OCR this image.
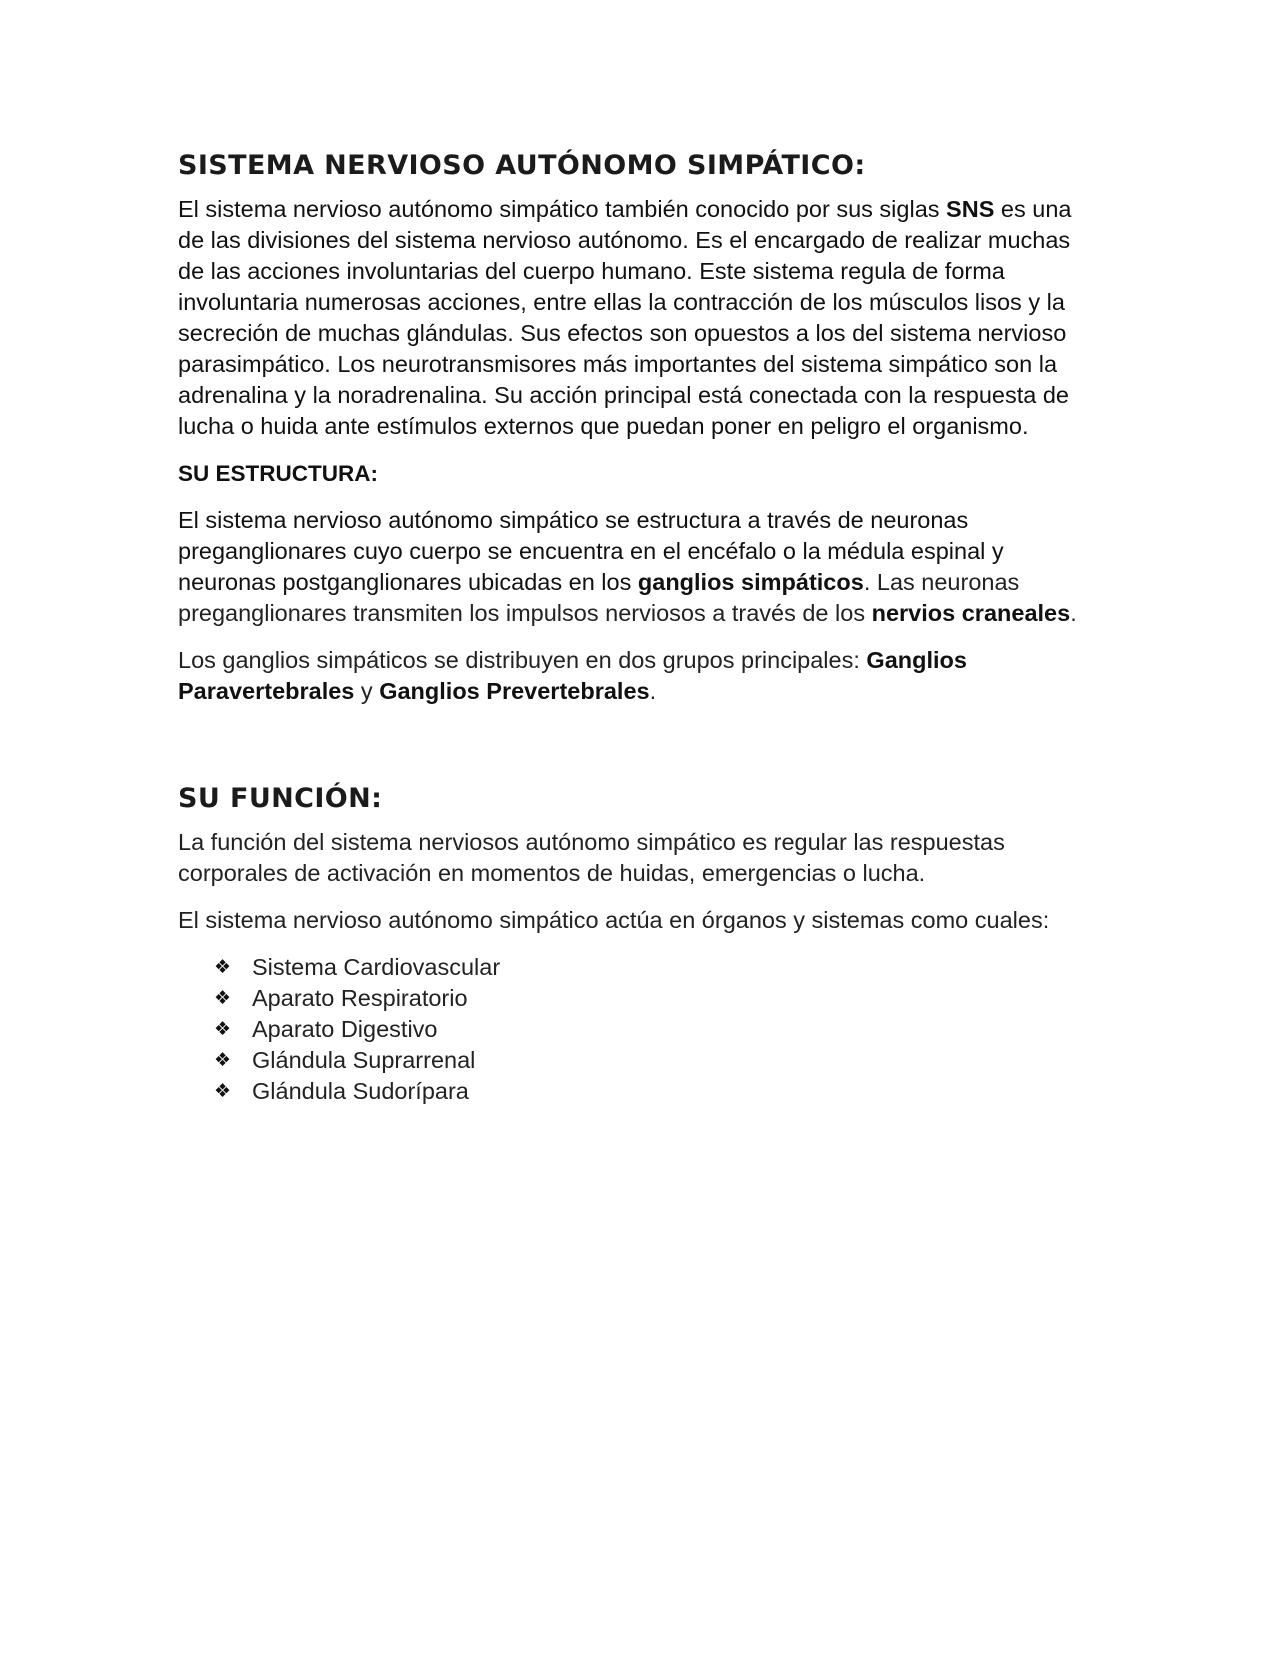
SISTEMA NERVIOSO AUTÓNOMO SIMPÁTICO:

El sistema nervioso autónomo simpático también conocido por sus siglas SNS es una de las divisiones del sistema nervioso autónomo. Es el encargado de realizar muchas de las acciones involuntarias del cuerpo humano. Este sistema regula de forma involuntaria numerosas acciones, entre ellas la contracción de los músculos lisos y la secreción de muchas glándulas. Sus efectos son opuestos a los del sistema nervioso parasimpático. Los neurotransmisores más importantes del sistema simpático son la adrenalina y la noradrenalina. Su acción principal está conectada con la respuesta de lucha o huida ante estímulos externos que puedan poner en peligro el organismo.

SU ESTRUCTURA:

El sistema nervioso autónomo simpático se estructura a través de neuronas preganglionares cuyo cuerpo se encuentra en el encéfalo o la médula espinal y neuronas postganglionares ubicadas en los ganglios simpáticos. Las neuronas preganglionares transmiten los impulsos nerviosos a través de los nervios craneales.

Los ganglios simpáticos se distribuyen en dos grupos principales: Ganglios Paravertebrales y Ganglios Prevertebrales.

SU FUNCIÓN:

La función del sistema nerviosos autónomo simpático es regular las respuestas corporales de activación en momentos de huidas, emergencias o lucha.

El sistema nervioso autónomo simpático actúa en órganos y sistemas como cuales:

❖ Sistema Cardiovascular
❖ Aparato Respiratorio
❖ Aparato Digestivo
❖ Glándula Suprarrenal
❖ Glándula Sudorípara
